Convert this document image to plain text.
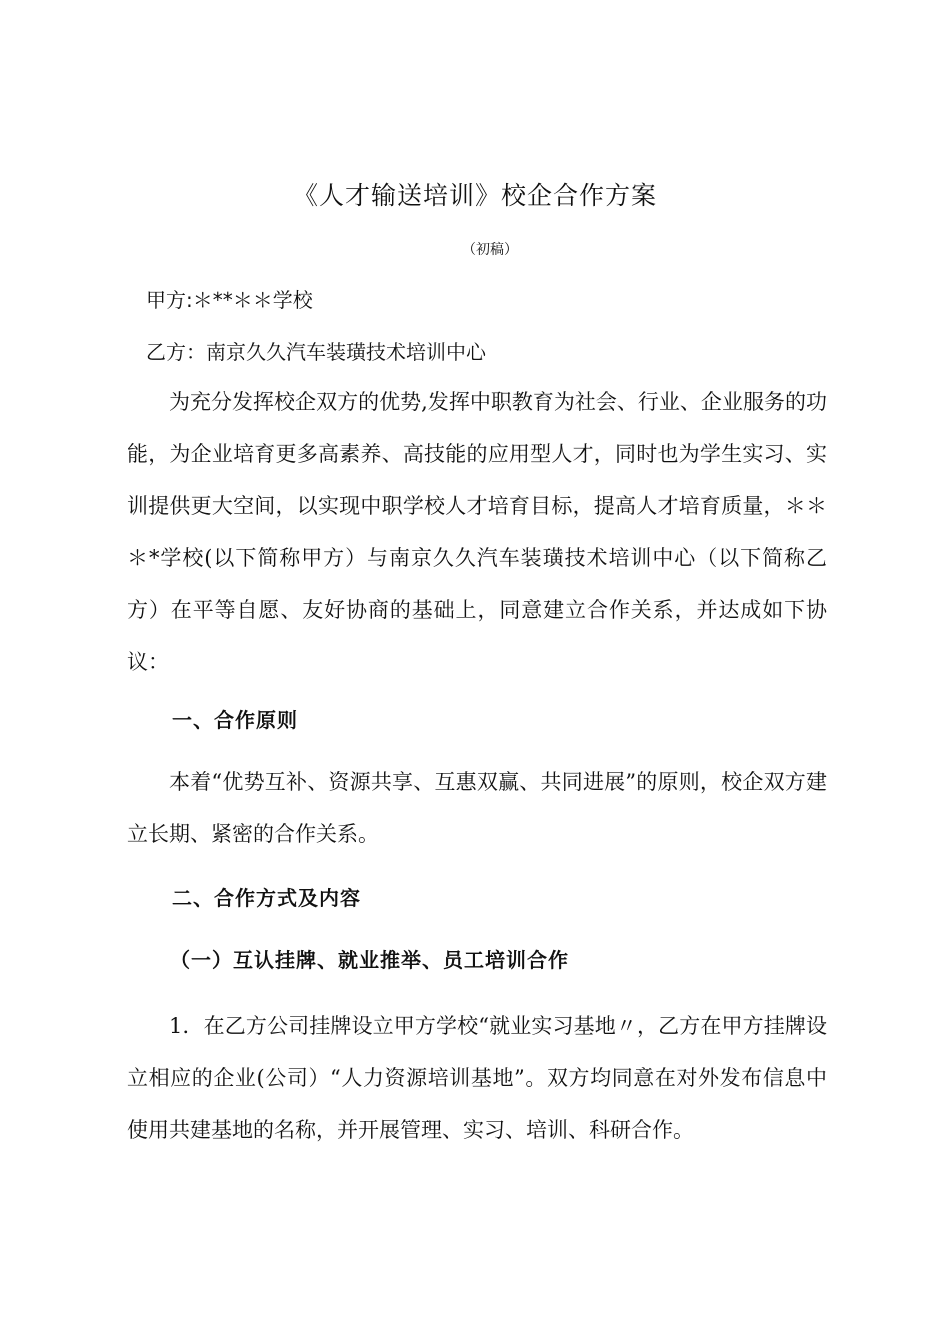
《人才输送培训》校企合作方案
（初稿）
甲方:＊**＊＊学校
乙方：南京久久汽车装璜技术培训中心

为充分发挥校企双方的优势,发挥中职教育为社会、行业、企业服务的功能，为企业培育更多高素养、高技能的应用型人才，同时也为学生实习、实训提供更大空间，以实现中职学校人才培育目标，提高人才培育质量，＊＊＊*学校(以下简称甲方）与南京久久汽车装璜技术培训中心（以下简称乙方）在平等自愿、友好协商的基础上，同意建立合作关系，并达成如下协议：

一、合作原则

本着“优势互补、资源共享、互惠双赢、共同进展”的原则，校企双方建立长期、紧密的合作关系。

二、合作方式及内容
（一）互认挂牌、就业推举、员工培训合作

1．在乙方公司挂牌设立甲方学校“就业实习基地〃，乙方在甲方挂牌设立相应的企业(公司）“人力资源培训基地”。双方均同意在对外发布信息中使用共建基地的名称，并开展管理、实习、培训、科研合作。
